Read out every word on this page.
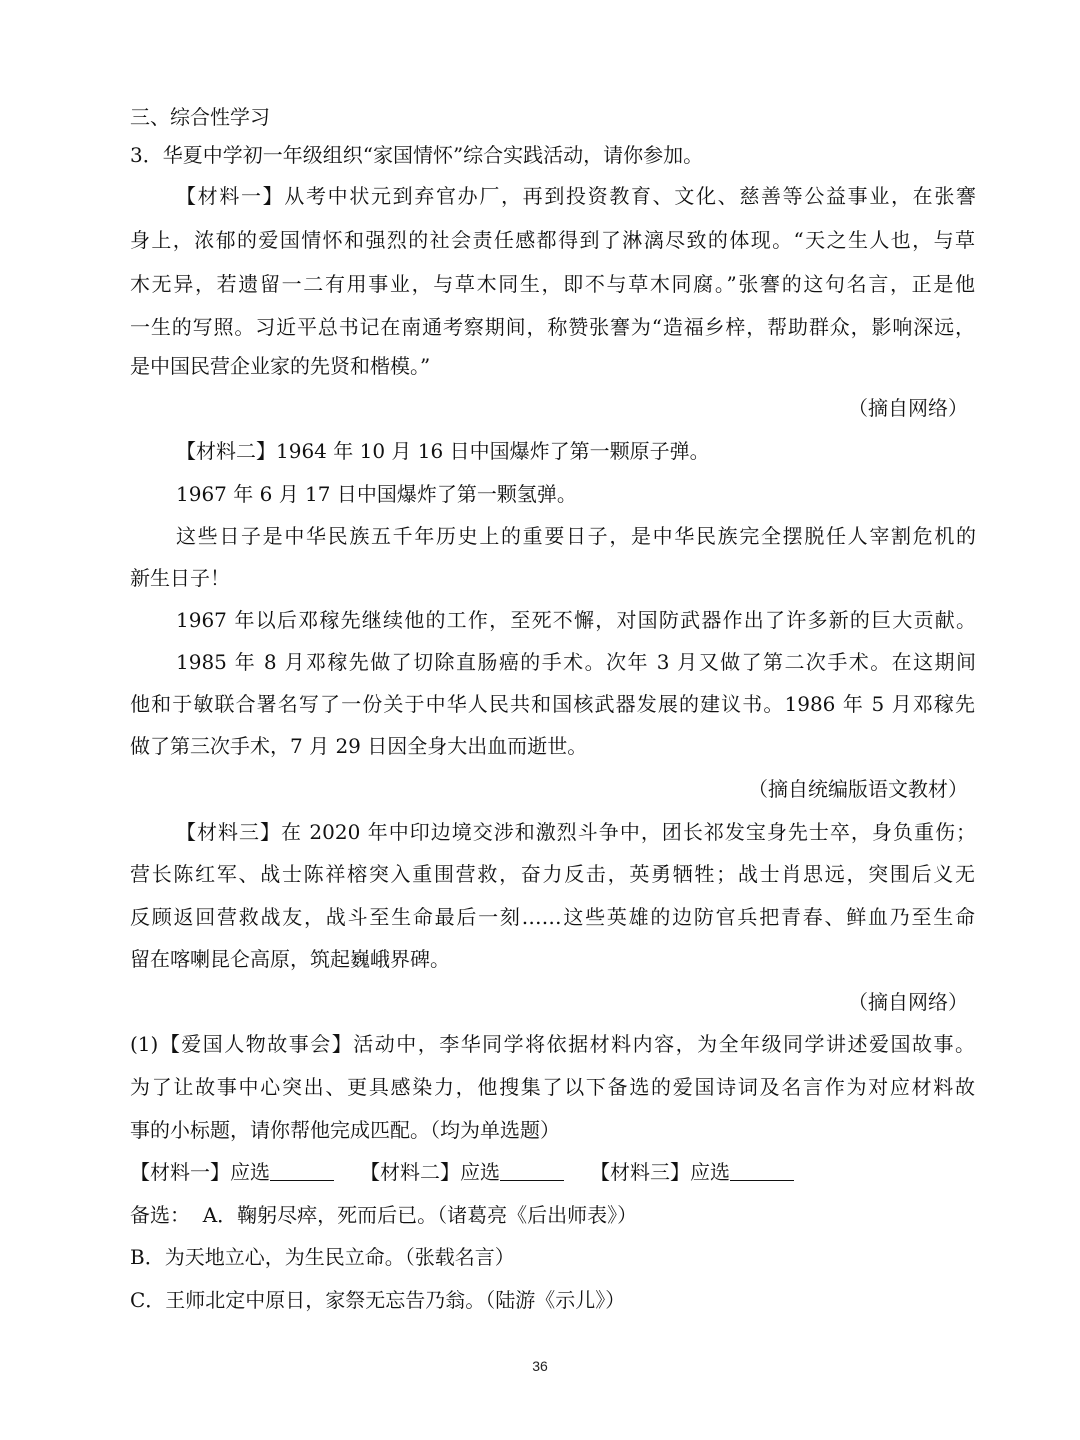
三、综合性学习
3．华夏中学初一年级组织“家国情怀”综合实践活动，请你参加。
【材料一】从考中状元到弃官办厂，再到投资教育、文化、慈善等公益事业，在张謇
身上，浓郁的爱国情怀和强烈的社会责任感都得到了淋漓尽致的体现。“天之生人也，与草
木无异，若遗留一二有用事业，与草木同生，即不与草木同腐。”张謇的这句名言，正是他
一生的写照。习近平总书记在南通考察期间，称赞张謇为“造福乡梓，帮助群众，影响深远，
是中国民营企业家的先贤和楷模。”
（摘自网络）
【材料二】1964 年 10 月 16 日中国爆炸了第一颗原子弹。
1967 年 6 月 17 日中国爆炸了第一颗氢弹。
这些日子是中华民族五千年历史上的重要日子，是中华民族完全摆脱任人宰割危机的
新生日子！
1967 年以后邓稼先继续他的工作，至死不懈，对国防武器作出了许多新的巨大贡献。
1985 年 8 月邓稼先做了切除直肠癌的手术。次年 3 月又做了第二次手术。在这期间
他和于敏联合署名写了一份关于中华人民共和国核武器发展的建议书。1986 年 5 月邓稼先
做了第三次手术，7 月 29 日因全身大出血而逝世。
（摘自统编版语文教材）
【材料三】在 2020 年中印边境交涉和激烈斗争中，团长祁发宝身先士卒，身负重伤；
营长陈红军、战士陈祥榕突入重围营救，奋力反击，英勇牺牲；战士肖思远，突围后义无
反顾返回营救战友，战斗至生命最后一刻……这些英雄的边防官兵把青春、鲜血乃至生命
留在喀喇昆仑高原，筑起巍峨界碑。
（摘自网络）
(1)【爱国人物故事会】活动中，李华同学将依据材料内容，为全年级同学讲述爱国故事。
为了让故事中心突出、更具感染力，他搜集了以下备选的爱国诗词及名言作为对应材料故
事的小标题，请你帮他完成匹配。（均为单选题）
【材料一】应选	【材料二】应选	【材料三】应选
备选： A．鞠躬尽瘁，死而后已。（诸葛亮《后出师表》）
B．为天地立心，为生民立命。（张载名言）
C．王师北定中原日，家祭无忘告乃翁。（陆游《示儿》）
36
